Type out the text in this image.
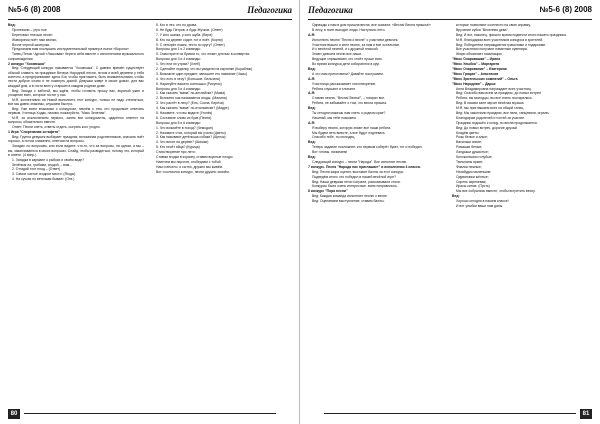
№5-6 (8) 2008	Педагогика

Вед:

Пропевали – утро пое

Береговых птичьих песен

Жаворонок поёт нам звонко,

Возле черной шкатулки.

Предлагаем вам послушать инструментальный пример в пьесе «Ворона»

Танец Пепси Чурчай «Ласковая» береги себя вместе с исполнением музыкального сопровождения

2 конкурс "Хозяюшка"

Вед: Следующий конкурс называется "Хозяюшка". С давних времён существует обычай славить на празднике Вечера Народной песни, потом и всей деревни у тебя конечно, а предпринимают здесь Бог, чтобы пригласить, быть внимательными, чтобы нести доброе слово и не покинуть домой. Девушки живут в своих домах, для вас каждый дом, и в гости всех у старших в каждом родном доме.

Вед: Заходя с заботой, мы ждём, чтобы готовить прошу вас, вкусный ужин и угощение всех, которые гостят у нас.

М:Я, коллективно на Новой выполнить этот конкурс, только не надо стесняться, все мы давно знакомы, слушаем быстро.

Вед: Уже всем знакомые с конкурсом, начнём с тем, кто продолжит отвечать первым. Ученица Ходак, назови, пожалуйста, "Мисс Зеленая".

М:Я, за исключением первого, затем все конкурсанты, одарённо ответит на вопросы, обязательно вместе.

Ответ: Песни спеть, ответы отдать, сыграть кого угодно.

1 Игра "Спортивная эстафета"

Вед: Группа девушек выбирает праздник, вспоминая родственников, сначала поёт хорошо, а потом слаженно, отвечая на вопросы.

Загадки: по вопросам, или если видите: что-то, что за вопросы, на одном, а мы – вы, заканчиваются в своих вопросах. Слайд, чтобы разводиться, потому что, который в ответе. (4 вопр.)

1. Загадка в кармане о рыбках и своём виде?

Зелёным ли, грибами, ягодой, – вам...

2. Отгадай этот плод – (Ответ)

3. Самое частое ягодное место: (Ягоды)

4. На сучках по веточкам бывает. (Отв.)

5. Кто в лес, кто по дрова.

6. Не будь Петров, а будь Жучков. (Ответ)

7. У кого шапка, у кого шуба. (Вера)

8. Кто на дереве сидит, тот и поёт. (Корни)

9. С четырёх ножек, тесто по кругу? (Ответ)

Вопросы для 1 и 2 команды:

5. Смастерите из бумаги то, что лежит для вас в конвертах.

Вопросы для 3 и 4 команды:

1. Что ели по утрам? (Хлеб)

2. Сделайте поделку, что вы увидели на картинке (Кораблик)

3. Возьмите один предмет, запишите его название (Часы)

4. Что есть в лесу? (Большое, Бельчата)

5. Нарисуйте вашего солнышко (Рисунок)

Вопросы для 3 и 4 команды:

1. Как сказать "мама" по-английски? (Мама)

2. Вспомни, как называются ягоды. (Малина)

3. Что растёт в лесу? (Ель, Сосна, Берёза)

4. Как сказать "мама" по-итальянски? (Мадре)

5. Назовите, что вы видите (Уголёк)

6. Составьте слово из букв (Песня)

Вопросы для 5 и 6 команды:

1. Что возьмёте в поход? (Чемодан)

2. Назовите стих, который вы учили (Цветы)

3. Как называют детёныша собаки? (Щенок)

4. Что висит на дереве? (Шишки)

5. Кто несёт яйца? (Курица)

Стихотворение про лето:

Ставим ягодки в корзину, ставим вкусные плоды.

Напечем мы пирогов, отобедаем с тобой.

Нам и весело, и сытно, дружно мы живём.

Вот и кончился конкурс, песни дружно запоём.

80
Педагогика	№5-6 (8) 2008

Однажды к нам в дом пришла весна, все сказали: «Весна! Весна пришла!»

В лесу, в поле выходят люди. Наступило лето.

А-Я:

Исполнить песню "Песня о весне" с участием девочек.

Участник вышел и спел песню, за ним и все остальные.

И с весёлой песней, и с дружной пляской.

Знают девчата песни все наши.

Ведущие спрашивают, кто споёт лучше всех.

Во время конкурса дети собираются в круг.

Вед:

А что нам приготовили? Давайте послушаем.

А-Я:

Участница рассказывает стихотворение.

Ребята слушают и хлопают.

А-Я:

Ставлю песню, "Весна! Весна!", – говорят все.

Ребята, не забывайте о том, что весна пришла.

Вед:

Ты сегодня можешь нам спеть о родном крае?

Начинай, мы тебе поможем.

А-Я:

Я выберу песню, которую знают все наши ребята.

Мы будем петь вместе, а все будут подпевать.

Спасибо тебе, ты молодец.

Вед:

Теперь задание посложнее: кто первым соберёт букет, тот и победил.

Вот готовы, начинаем!

Вед:

Следующий конкурс – песни "Народа". Все исполнят песню.

7 конкурс. Песня "Народа нас приглашает" в исполнении 4 класса.

Вед: Песня жюри оценит, выставит баллы за этот конкурс.

Подведём итоги: кто победил в нашей весёлой игре?

Вед: Наши девушки пели и играли, рассказывали стихи.

Конкурсы были очень интересные, всем понравилось.

8 конкурс "Пора песни"

Вед: Каждая команда исполняет песню о весне.

Вед: Оцениваем выступление, ставим баллы.

которые позволяют соотнести на свою справку.

Вручение кубка "Весенняя дева".

Вед: И вот, наконец, пришло время подвести итоги нашего праздника.

М:Я, благодарим всех участников конкурса и зрителей.

Вед: Победители награждаются грамотами и подарками.

Все участники получают памятные сувениры.

Жюри объявляет номинации:

"Мисс Очаровашка" – Ирина

"Мисс Улыбка" – Маргарита

"Мисс Очарование" – Екатерина

"Мисс Грация" – Анастасия

"Мисс Зрительских симпатий" – Ольга

"Мисс Народная" – Дарья

Анна Владимировна награждает всех участниц.

Вед: Спасибо вам всем за праздник, до новых встреч!

Ребята, вы молодцы, вы все очень постарались.

Вед: В нашем зале звучит весёлая музыка.

М:Я, мы приглашаем всех на общий танец.

Вед: Мы закончили праздник, все пели, танцевали, играли.

Благодарим родителей и гостей за участие.

Праздник подошёл к концу, но весна продолжается.

Вед: До новых встреч, дорогие друзья!

Кладём цветы:

Розы белые и алые;

Васильки синие;

Ромашки белые;

Ландыши душистые;

Колокольчики голубые;

Тюльпаны яркие;

Фиалки нежные;

Незабудки маленькие;

Одуванчики жёлтые;

Сирень сиреневая;

Ирисы синие. (Пусть)

Мы все собрались вместе, чтобы встретить весну.

Вед:

Хорошо сегодня в нашем классе!

И вот улыбки ваши нам даны.

81
